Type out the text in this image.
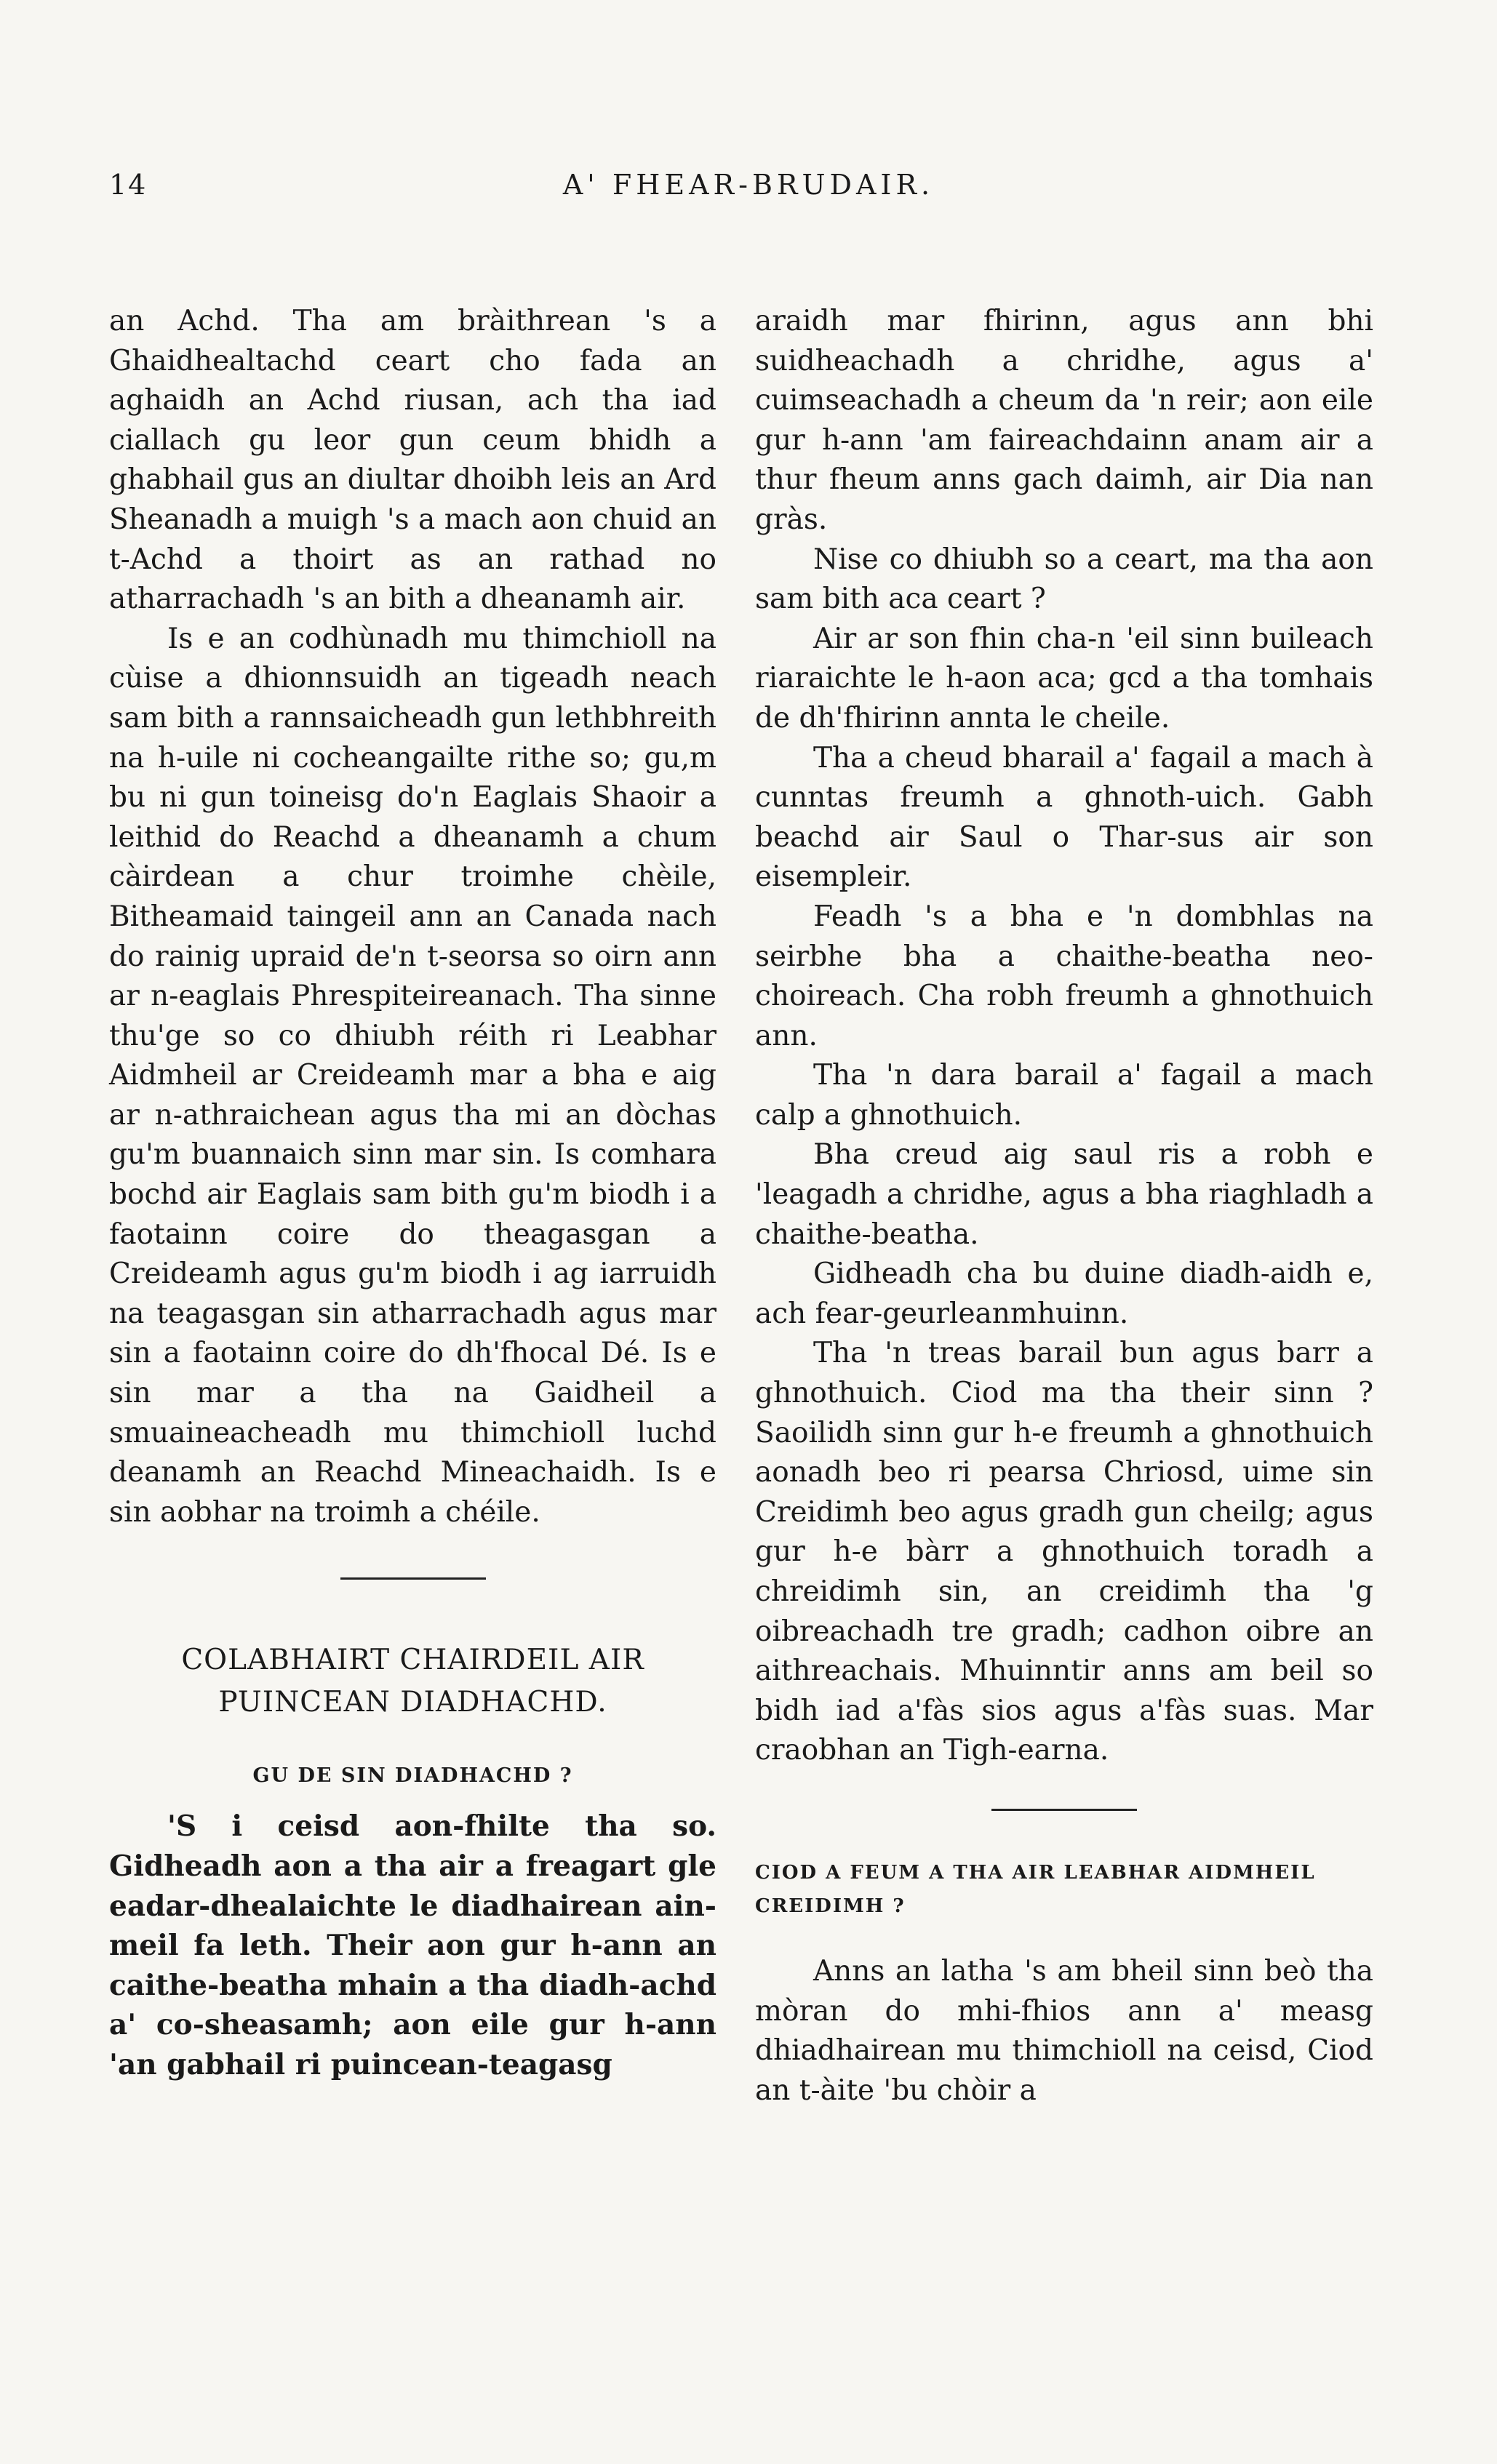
14	A' FHEAR-BRUDAIR.

an Achd. Tha am bràithrean 's a Ghaidhealtachd ceart cho fada an aghaidh an Achd riusan, ach tha iad ciallach gu leor gun ceum bhidh a ghabhail gus an diultar dhoibh leis an Ard Sheanadh a muigh 's a mach aon chuid an t-Achd a thoirt as an rathad no atharrachadh 's an bith a dheanamh air.

Is e an codhùnadh mu thimchioll na cùise a dhionnsuidh an tigeadh neach sam bith a rannsaicheadh gun lethbhreith na h-uile ni cocheangailte rithe so; gu,m bu ni gun toineisg do'n Eaglais Shaoir a leithid do Reachd a dheanamh a chum càirdean a chur troimhe chèile, Bitheamaid taingeil ann an Canada nach do rainig upraid de'n t-seorsa so oirn ann ar n-eaglais Phrespiteireanach. Tha sinne thu'ge so co dhiubh réith ri Leabhar Aidmheil ar Creideamh mar a bha e aig ar n-athraichean agus tha mi an dòchas gu'm buannaich sinn mar sin. Is comhara bochd air Eaglais sam bith gu'm biodh i a faotainn coire do theagasgan a Creideamh agus gu'm biodh i ag iarruidh na teagasgan sin atharrachadh agus mar sin a faotainn coire do dh'fhocal Dé. Is e sin mar a tha na Gaidheil a smuaineacheadh mu thimchioll luchd deanamh an Reachd Mineachaidh. Is e sin aobhar na troimh a chéile.

COLABHAIRT CHAIRDEIL AIR PUINCEAN DIADHACHD.
GU DE SIN DIADHACHD ?

'S i ceisd aon-fhilte tha so. Gidheadh aon a tha air a freagart gle eadar-dhealaichte le diadhairean ain-meil fa leth. Their aon gur h-ann an caithe-beatha mhain a tha diadh-achd a' co-sheasamh; aon eile gur h-ann 'an gabhail ri puincean-teagasg

araidh mar fhirinn, agus ann bhi suidheachadh a chridhe, agus a' cuimseachadh a cheum da 'n reir; aon eile gur h-ann 'am faireachdainn anam air a thur fheum anns gach daimh, air Dia nan gràs.

Nise co dhiubh so a ceart, ma tha aon sam bith aca ceart ?

Air ar son fhin cha-n 'eil sinn buileach riaraichte le h-aon aca; gcd a tha tomhais de dh'fhirinn annta le cheile.

Tha a cheud bharail a' fagail a mach à cunntas freumh a ghnoth-uich. Gabh beachd air Saul o Thar-sus air son eisempleir.

Feadh 's a bha e 'n dombhlas na seirbhe bha a chaithe-beatha neo-choireach. Cha robh freumh a ghnothuich ann.

Tha 'n dara barail a' fagail a mach calp a ghnothuich.

Bha creud aig saul ris a robh e 'leagadh a chridhe, agus a bha riaghladh a chaithe-beatha.

Gidheadh cha bu duine diadh-aidh e, ach fear-geurleanmhuinn.

Tha 'n treas barail bun agus barr a ghnothuich. Ciod ma tha their sinn ? Saoilidh sinn gur h-e freumh a ghnothuich aonadh beo ri pearsa Chriosd, uime sin Creidimh beo agus gradh gun cheilg; agus gur h-e bàrr a ghnothuich toradh a chreidimh sin, an creidimh tha 'g oibreachadh tre gradh; cadhon oibre an aithreachais. Mhuinntir anns am beil so bidh iad a'fàs sios agus a'fàs suas. Mar craobhan an Tigh-earna.

CIOD A FEUM A THA AIR LEABHAR AIDMHEIL CREIDIMH ?

Anns an latha 's am bheil sinn beò tha mòran do mhi-fhios ann a' measg dhiadhairean mu thimchioll na ceisd, Ciod an t-àite 'bu chòir a
